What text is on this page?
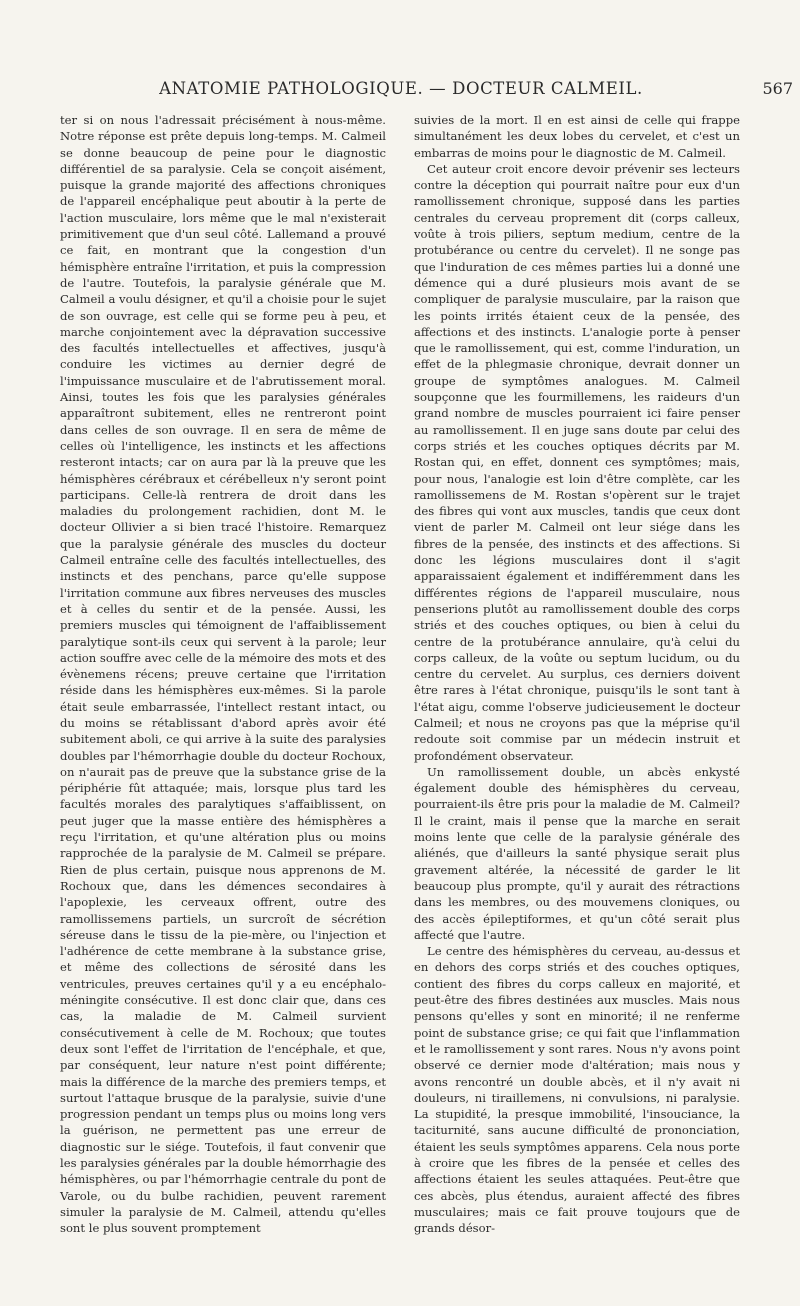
ANATOMIE PATHOLOGIQUE. — DOCTEUR CALMEIL.	567

ter si on nous l'adressait précisément à nous-même. Notre réponse est prête depuis long-temps. M. Calmeil se donne beaucoup de peine pour le diagnostic différentiel de sa paralysie. Cela se conçoit aisément, puisque la grande majorité des affections chroniques de l'appareil encéphalique peut aboutir à la perte de l'action musculaire, lors même que le mal n'existerait primitivement que d'un seul côté. Lallemand a prouvé ce fait, en montrant que la congestion d'un hémisphère entraîne l'irritation, et puis la compression de l'autre. Toutefois, la paralysie générale que M. Calmeil a voulu désigner, et qu'il a choisie pour le sujet de son ouvrage, est celle qui se forme peu à peu, et marche conjointement avec la dépravation successive des facultés intellectuelles et affectives, jusqu'à conduire les victimes au dernier degré de l'impuissance musculaire et de l'abrutissement moral. Ainsi, toutes les fois que les paralysies générales apparaîtront subitement, elles ne rentreront point dans celles de son ouvrage. Il en sera de même de celles où l'intelligence, les instincts et les affections resteront intacts; car on aura par là la preuve que les hémisphères cérébraux et cérébelleux n'y seront point participans. Celle-là rentrera de droit dans les maladies du prolongement rachidien, dont M. le docteur Ollivier a si bien tracé l'histoire. Remarquez que la paralysie générale des muscles du docteur Calmeil entraîne celle des facultés intellectuelles, des instincts et des penchans, parce qu'elle suppose l'irritation commune aux fibres nerveuses des muscles et à celles du sentir et de la pensée. Aussi, les premiers muscles qui témoignent de l'affaiblissement paralytique sont-ils ceux qui servent à la parole; leur action souffre avec celle de la mémoire des mots et des évènemens récens; preuve certaine que l'irritation réside dans les hémisphères eux-mêmes. Si la parole était seule embarrassée, l'intellect restant intact, ou du moins se rétablissant d'abord après avoir été subitement aboli, ce qui arrive à la suite des paralysies doubles par l'hémorrhagie double du docteur Rochoux, on n'aurait pas de preuve que la substance grise de la périphérie fût attaquée; mais, lorsque plus tard les facultés morales des paralytiques s'affaiblissent, on peut juger que la masse entière des hémisphères a reçu l'irritation, et qu'une altération plus ou moins rapprochée de la paralysie de M. Calmeil se prépare. Rien de plus certain, puisque nous apprenons de M. Rochoux que, dans les démences secondaires à l'apoplexie, les cerveaux offrent, outre des ramollissemens partiels, un surcroît de sécrétion séreuse dans le tissu de la pie-mère, ou l'injection et l'adhérence de cette membrane à la substance grise, et même des collections de sérosité dans les ventricules, preuves certaines qu'il y a eu encéphalo-méningite consécutive. Il est donc clair que, dans ces cas, la maladie de M. Calmeil survient consécutivement à celle de M. Rochoux; que toutes deux sont l'effet de l'irritation de l'encéphale, et que, par conséquent, leur nature n'est point différente; mais la différence de la marche des premiers temps, et surtout l'attaque brusque de la paralysie, suivie d'une progression pendant un temps plus ou moins long vers la guérison, ne permettent pas une erreur de diagnostic sur le siége. Toutefois, il faut convenir que les paralysies générales par la double hémorrhagie des hémisphères, ou par l'hémorrhagie centrale du pont de Varole, ou du bulbe rachidien, peuvent rarement simuler la paralysie de M. Calmeil, attendu qu'elles sont le plus souvent promptement

suivies de la mort. Il en est ainsi de celle qui frappe simultanément les deux lobes du cervelet, et c'est un embarras de moins pour le diagnostic de M. Calmeil.

Cet auteur croit encore devoir prévenir ses lecteurs contre la déception qui pourrait naître pour eux d'un ramollissement chronique, supposé dans les parties centrales du cerveau proprement dit (corps calleux, voûte à trois piliers, septum medium, centre de la protubérance ou centre du cervelet). Il ne songe pas que l'induration de ces mêmes parties lui a donné une démence qui a duré plusieurs mois avant de se compliquer de paralysie musculaire, par la raison que les points irrités étaient ceux de la pensée, des affections et des instincts. L'analogie porte à penser que le ramollissement, qui est, comme l'induration, un effet de la phlegmasie chronique, devrait donner un groupe de symptômes analogues. M. Calmeil soupçonne que les fourmillemens, les raideurs d'un grand nombre de muscles pourraient ici faire penser au ramollissement. Il en juge sans doute par celui des corps striés et les couches optiques décrits par M. Rostan qui, en effet, donnent ces symptômes; mais, pour nous, l'analogie est loin d'être complète, car les ramollissemens de M. Rostan s'opèrent sur le trajet des fibres qui vont aux muscles, tandis que ceux dont vient de parler M. Calmeil ont leur siége dans les fibres de la pensée, des instincts et des affections. Si donc les légions musculaires dont il s'agit apparaissaient également et indifféremment dans les différentes régions de l'appareil musculaire, nous penserions plutôt au ramollissement double des corps striés et des couches optiques, ou bien à celui du centre de la protubérance annulaire, qu'à celui du corps calleux, de la voûte ou septum lucidum, ou du centre du cervelet. Au surplus, ces derniers doivent être rares à l'état chronique, puisqu'ils le sont tant à l'état aigu, comme l'observe judicieusement le docteur Calmeil; et nous ne croyons pas que la méprise qu'il redoute soit commise par un médecin instruit et profondément observateur.

Un ramollissement double, un abcès enkysté également double des hémisphères du cerveau, pourraient-ils être pris pour la maladie de M. Calmeil? Il le craint, mais il pense que la marche en serait moins lente que celle de la paralysie générale des aliénés, que d'ailleurs la santé physique serait plus gravement altérée, la nécessité de garder le lit beaucoup plus prompte, qu'il y aurait des rétractions dans les membres, ou des mouvemens cloniques, ou des accès épileptiformes, et qu'un côté serait plus affecté que l'autre.

Le centre des hémisphères du cerveau, au-dessus et en dehors des corps striés et des couches optiques, contient des fibres du corps calleux en majorité, et peut-être des fibres destinées aux muscles. Mais nous pensons qu'elles y sont en minorité; il ne renferme point de substance grise; ce qui fait que l'inflammation et le ramollissement y sont rares. Nous n'y avons point observé ce dernier mode d'altération; mais nous y avons rencontré un double abcès, et il n'y avait ni douleurs, ni tiraillemens, ni convulsions, ni paralysie. La stupidité, la presque immobilité, l'insouciance, la taciturnité, sans aucune difficulté de prononciation, étaient les seuls symptômes apparens. Cela nous porte à croire que les fibres de la pensée et celles des affections étaient les seules attaquées. Peut-être que ces abcès, plus étendus, auraient affecté des fibres musculaires; mais ce fait prouve toujours que de grands désor-
